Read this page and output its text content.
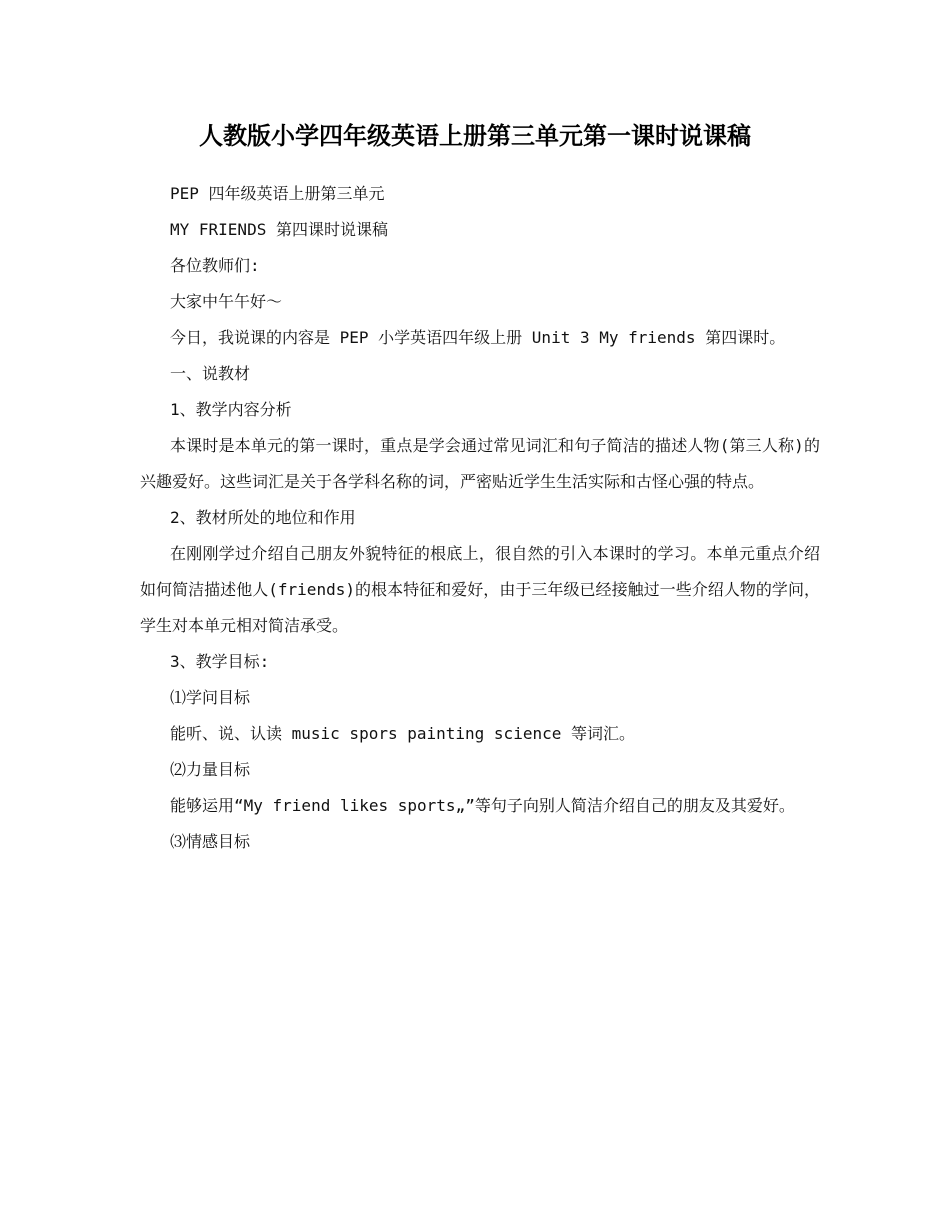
人教版小学四年级英语上册第三单元第一课时说课稿

PEP 四年级英语上册第三单元

MY FRIENDS 第四课时说课稿

各位教师们:

大家中午午好～

今日，我说课的内容是 PEP 小学英语四年级上册 Unit 3 My friends 第四课时。

一、说教材

1、教学内容分析

本课时是本单元的第一课时，重点是学会通过常见词汇和句子简洁的描述人物(第三人称)的兴趣爱好。这些词汇是关于各学科名称的词，严密贴近学生生活实际和古怪心强的特点。

2、教材所处的地位和作用

在刚刚学过介绍自己朋友外貌特征的根底上，很自然的引入本课时的学习。本单元重点介绍如何简洁描述他人(friends)的根本特征和爱好，由于三年级已经接触过一些介绍人物的学问，学生对本单元相对简洁承受。

3、教学目标:

⑴学问目标

能听、说、认读 music spors painting science 等词汇。

⑵力量目标

能够运用“My friend likes sports„”等句子向别人简洁介绍自己的朋友及其爱好。

⑶情感目标
